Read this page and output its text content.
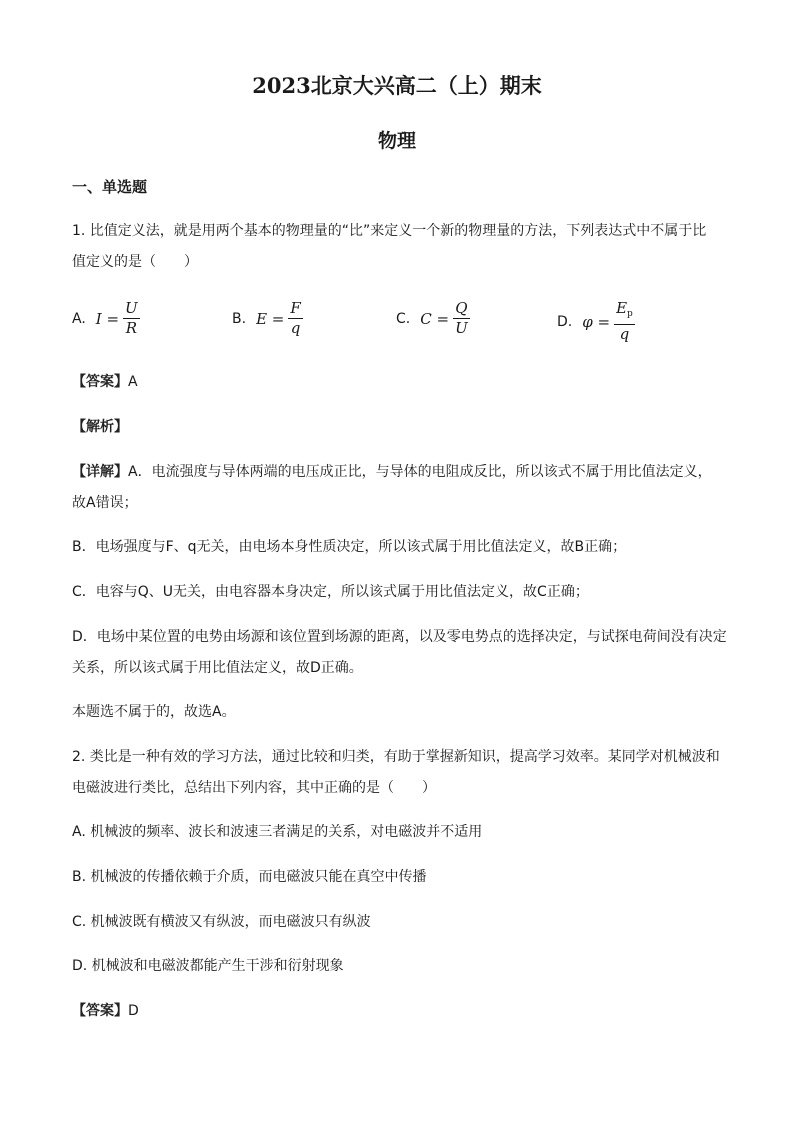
2023北京大兴高二（上）期末
物理
一、单选题
1. 比值定义法，就是用两个基本的物理量的“比”来定义一个新的物理量的方法，下列表达式中不属于比
值定义的是（　　）
A. $I = \frac{U}{R}$	B. $E = \frac{F}{q}$	C. $C = \frac{Q}{U}$	D. $\varphi = \frac{E_p}{q}$
【答案】A
【解析】
【详解】A．电流强度与导体两端的电压成正比，与导体的电阻成反比，所以该式不属于用比值法定义，
故A错误；
B．电场强度与F、q无关，由电场本身性质决定，所以该式属于用比值法定义，故B正确；
C．电容与Q、U无关，由电容器本身决定，所以该式属于用比值法定义，故C正确；
D．电场中某位置的电势由场源和该位置到场源的距离，以及零电势点的选择决定，与试探电荷间没有决定
关系，所以该式属于用比值法定义，故D正确。
本题选不属于的，故选A。
2. 类比是一种有效的学习方法，通过比较和归类，有助于掌握新知识，提高学习效率。某同学对机械波和
电磁波进行类比，总结出下列内容，其中正确的是（　　）
A. 机械波的频率、波长和波速三者满足的关系，对电磁波并不适用
B. 机械波的传播依赖于介质，而电磁波只能在真空中传播
C. 机械波既有横波又有纵波，而电磁波只有纵波
D. 机械波和电磁波都能产生干涉和衍射现象
【答案】D
